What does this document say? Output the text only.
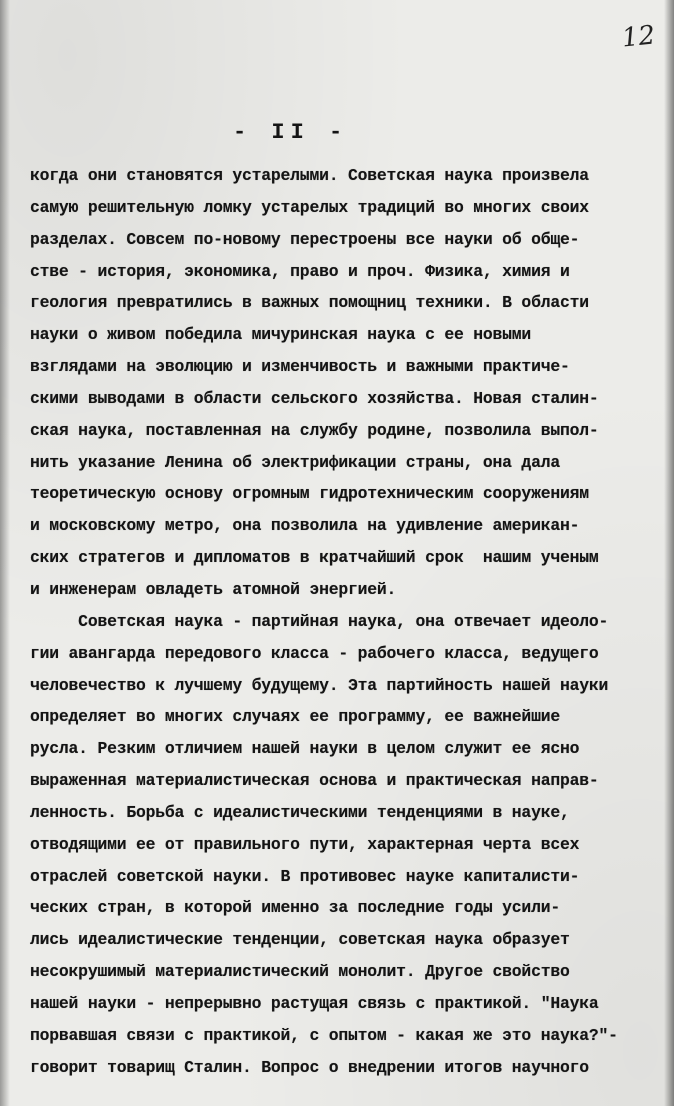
12
- II -
когда они становятся устарелыми. Советская наука произвела
самую решительную ломку устарелых традиций во многих своих
разделах. Совсем по-новому перестроены все науки об обще-
стве - история, экономика, право и проч. Физика, химия и
геология превратились в важных помощниц техники. В области
науки о живом победила мичуринская наука с ее новыми
взглядами на эволюцию и изменчивость и важными практиче-
скими выводами в области сельского хозяйства. Новая сталин-
ская наука, поставленная на службу родине, позволила выпол-
нить указание Ленина об электрификации страны, она дала
теоретическую основу огромным гидротехническим сооружениям
и московскому метро, она позволила на удивление американ-
ских стратегов и дипломатов в кратчайший срок  нашим ученым
и инженерам овладеть атомной энергией.
Советская наука - партийная наука, она отвечает идеоло-
гии авангарда передового класса - рабочего класса, ведущего
человечество к лучшему будущему. Эта партийность нашей науки
определяет во многих случаях ее программу, ее важнейшие
русла. Резким отличием нашей науки в целом служит ее ясно
выраженная материалистическая основа и практическая направ-
ленность. Борьба с идеалистическими тенденциями в науке,
отводящими ее от правильного пути, характерная черта всех
отраслей советской науки. В противовес науке капиталисти-
ческих стран, в которой именно за последние годы усили-
лись идеалистические тенденции, советская наука образует
несокрушимый материалистический монолит. Другое свойство
нашей науки - непрерывно растущая связь с практикой. "Наука
порвавшая связи с практикой, с опытом - какая же это наука?"-
говорит товарищ Сталин. Вопрос о внедрении итогов научного
